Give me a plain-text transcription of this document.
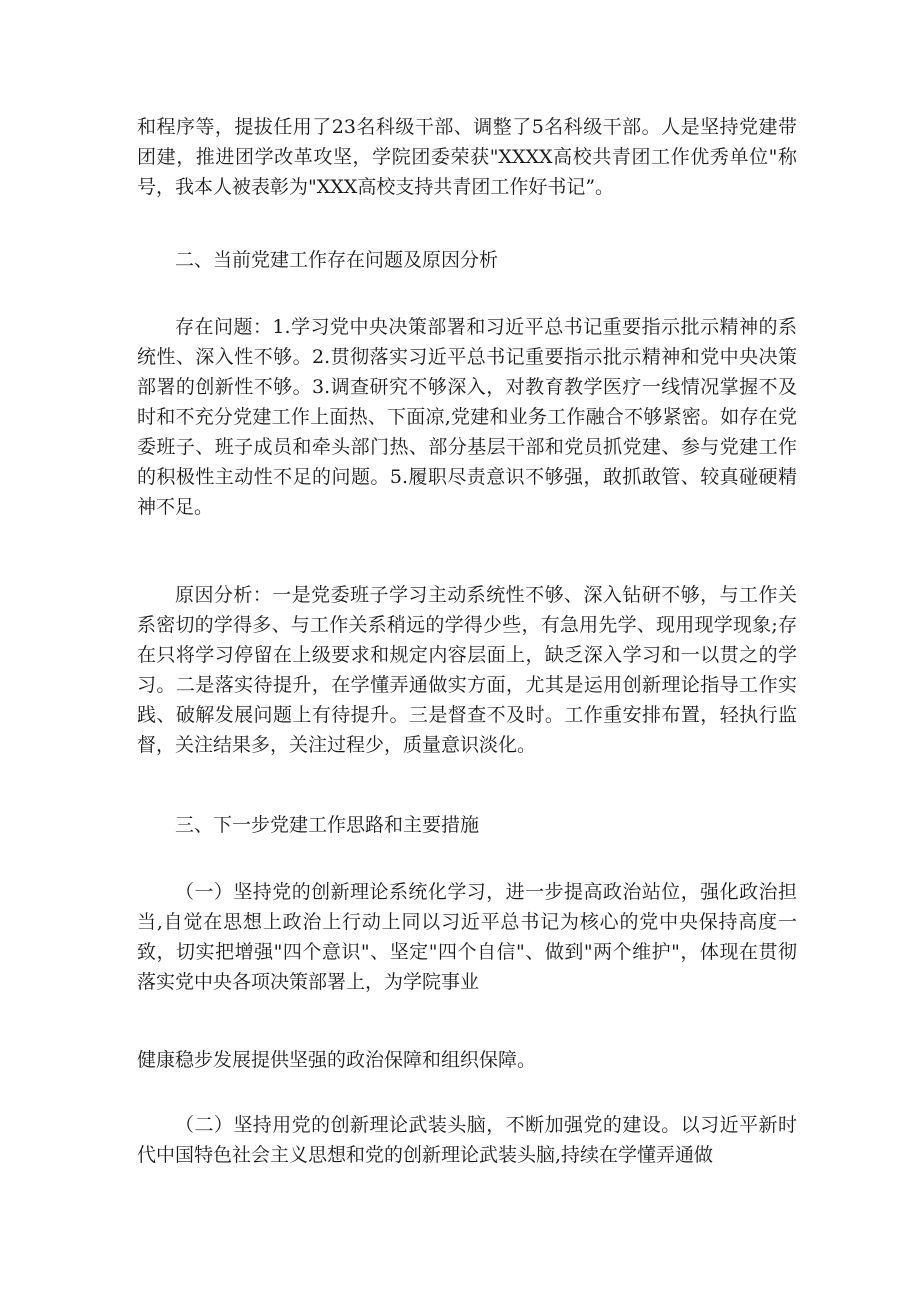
和程序等，提拔任用了23名科级干部、调整了5名科级干部。人是坚持党建带团建，推进团学改革攻坚，学院团委荣获"XXXX高校共青团工作优秀单位"称号，我本人被表彰为"XXX高校支持共青团工作好书记”。

二、当前党建工作存在问题及原因分析

存在问题：1.学习党中央决策部署和习近平总书记重要指示批示精神的系统性、深入性不够。2.贯彻落实习近平总书记重要指示批示精神和党中央决策部署的创新性不够。3.调查研究不够深入，对教育教学医疗一线情况掌握不及时和不充分党建工作上面热、下面凉,党建和业务工作融合不够紧密。如存在党委班子、班子成员和牵头部门热、部分基层干部和党员抓党建、参与党建工作的积极性主动性不足的问题。5.履职尽责意识不够强，敢抓敢管、较真碰硬精神不足。

原因分析：一是党委班子学习主动系统性不够、深入钻研不够，与工作关系密切的学得多、与工作关系稍远的学得少些，有急用先学、现用现学现象;存在只将学习停留在上级要求和规定内容层面上，缺乏深入学习和一以贯之的学习。二是落实待提升，在学懂弄通做实方面，尤其是运用创新理论指导工作实践、破解发展问题上有待提升。三是督查不及时。工作重安排布置，轻执行监督，关注结果多，关注过程少，质量意识淡化。

三、下一步党建工作思路和主要措施

（一）坚持党的创新理论系统化学习，进一步提高政治站位，强化政治担当,自觉在思想上政治上行动上同以习近平总书记为核心的党中央保持高度一致，切实把增强"四个意识"、坚定"四个自信"、做到"两个维护"，体现在贯彻落实党中央各项决策部署上，为学院事业

健康稳步发展提供坚强的政治保障和组织保障。

（二）坚持用党的创新理论武装头脑，不断加强党的建设。以习近平新时代中国特色社会主义思想和党的创新理论武装头脑,持续在学懂弄通做
